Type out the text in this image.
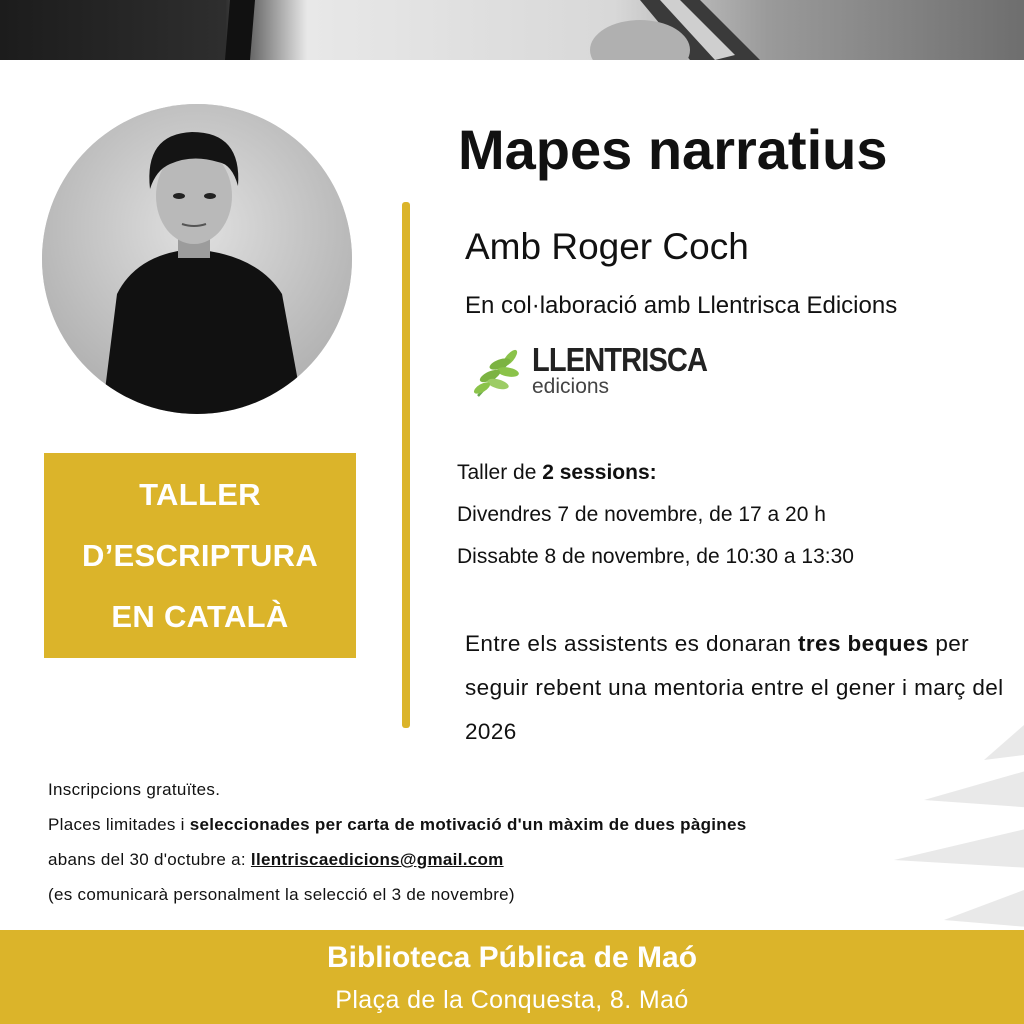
TALLER
D’ESCRIPTURA
EN CATALÀ
Mapes narratius
Amb Roger Coch
En col·laboració amb Llentrisca Edicions
LLENTRISCA
edicions
Taller de 2 sessions:
Divendres 7 de novembre, de 17 a 20 h
Dissabte 8 de novembre, de 10:30 a 13:30
Entre els assistents es donaran tres beques per seguir rebent una mentoria entre el gener i març del 2026
Inscripcions gratuïtes.
Places limitades i seleccionades per carta de motivació d'un màxim de dues pàgines
abans del 30 d'octubre a: llentriscaedicions@gmail.com
(es comunicarà personalment la selecció el 3 de novembre)
Biblioteca Pública de Maó
Plaça de la Conquesta, 8. Maó
